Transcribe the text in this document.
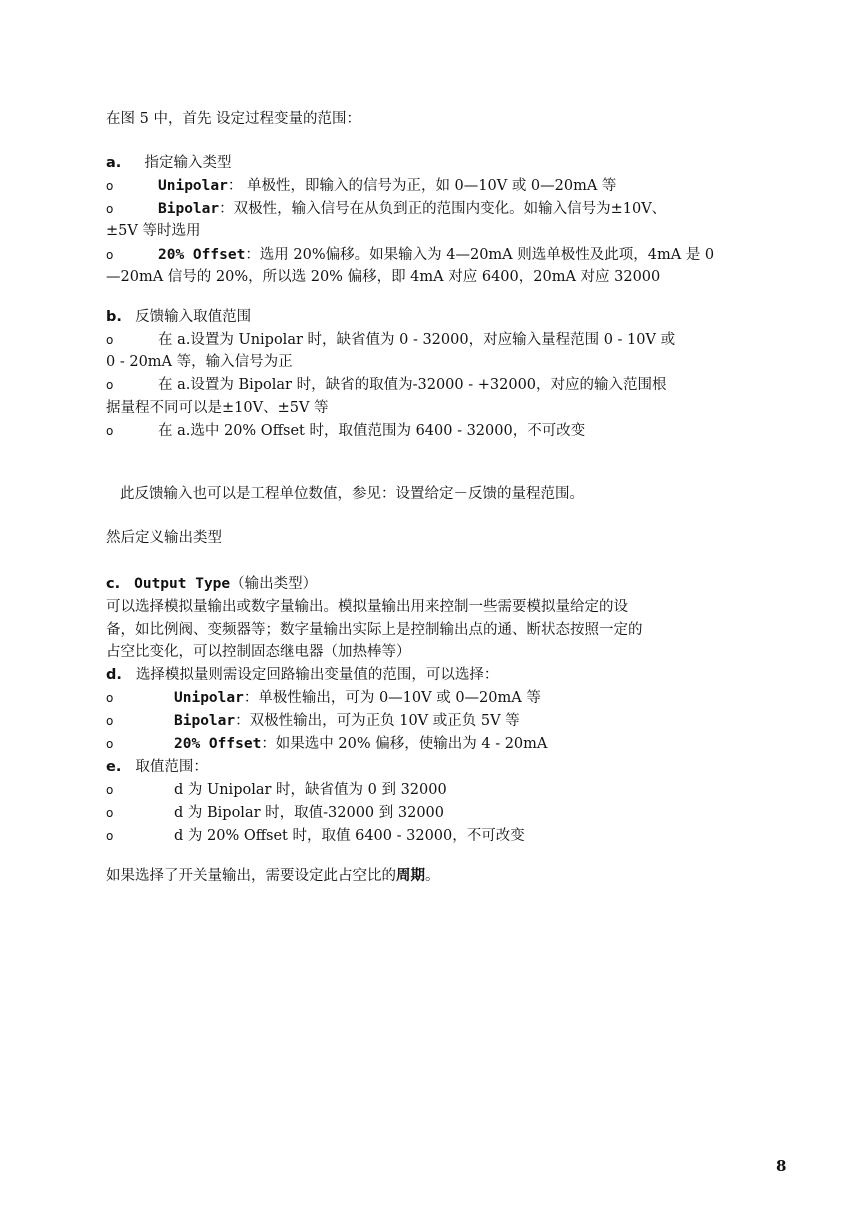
在图 5 中，首先 设定过程变量的范围：
a. 指定输入类型
o	Unipolar： 单极性，即输入的信号为正，如 0—10V 或 0—20mA 等
o	Bipolar：双极性，输入信号在从负到正的范围内变化。如输入信号为±10V、
±5V 等时选用
o	20% Offset：选用 20%偏移。如果输入为 4—20mA 则选单极性及此项，4mA 是 0
—20mA 信号的 20%，所以选 20% 偏移，即 4mA 对应 6400，20mA 对应 32000
b. 反馈输入取值范围
o	在 a.设置为 Unipolar 时，缺省值为 0 - 32000，对应输入量程范围 0 - 10V 或
0 - 20mA 等，输入信号为正
o	在 a.设置为 Bipolar 时，缺省的取值为-32000 - +32000，对应的输入范围根
据量程不同可以是±10V、±5V 等
o	在 a.选中 20% Offset 时，取值范围为 6400 - 32000，不可改变
此反馈输入也可以是工程单位数值，参见：设置给定－反馈的量程范围。
然后定义输出类型
c. Output Type（输出类型）
可以选择模拟量输出或数字量输出。模拟量输出用来控制一些需要模拟量给定的设
备，如比例阀、变频器等；数字量输出实际上是控制输出点的通、断状态按照一定的
占空比变化，可以控制固态继电器（加热棒等）
d. 选择模拟量则需设定回路输出变量值的范围，可以选择：
o	Unipolar：单极性输出，可为 0—10V 或 0—20mA 等
o	Bipolar：双极性输出，可为正负 10V 或正负 5V 等
o	20% Offset：如果选中 20% 偏移，使输出为 4 - 20mA
e. 取值范围：
o	d 为 Unipolar 时，缺省值为 0 到 32000
o	d 为 Bipolar 时，取值-32000 到 32000
o	d 为 20% Offset 时，取值 6400 - 32000，不可改变
如果选择了开关量输出，需要设定此占空比的周期。
8
